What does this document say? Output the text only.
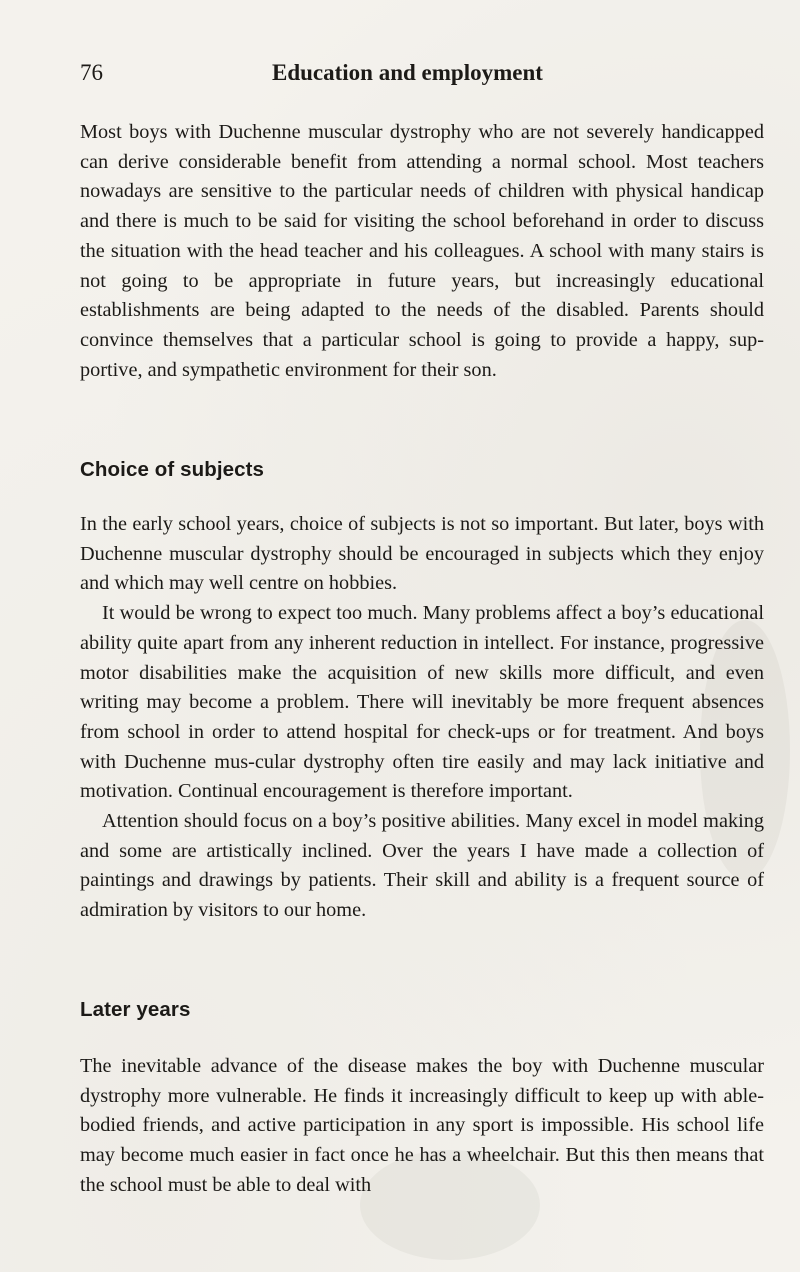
76	Education and employment

Most boys with Duchenne muscular dystrophy who are not severely handicapped can derive considerable benefit from attending a normal school. Most teachers nowadays are sensitive to the particular needs of children with physical handicap and there is much to be said for visiting the school beforehand in order to discuss the situation with the head teacher and his colleagues. A school with many stairs is not going to be appropriate in future years, but increasingly educational establishments are being adapted to the needs of the disabled. Parents should convince themselves that a particular school is going to provide a happy, sup-portive, and sympathetic environment for their son.

Choice of subjects

In the early school years, choice of subjects is not so important. But later, boys with Duchenne muscular dystrophy should be encouraged in subjects which they enjoy and which may well centre on hobbies.

It would be wrong to expect too much. Many problems affect a boy’s educational ability quite apart from any inherent reduction in intellect. For instance, progressive motor disabilities make the acquisition of new skills more difficult, and even writing may become a problem. There will inevitably be more frequent absences from school in order to attend hospital for check-ups or for treatment. And boys with Duchenne mus-cular dystrophy often tire easily and may lack initiative and motivation. Continual encouragement is therefore important.

Attention should focus on a boy’s positive abilities. Many excel in model making and some are artistically inclined. Over the years I have made a collection of paintings and drawings by patients. Their skill and ability is a frequent source of admiration by visitors to our home.

Later years

The inevitable advance of the disease makes the boy with Duchenne muscular dystrophy more vulnerable. He finds it increasingly difficult to keep up with able-bodied friends, and active participation in any sport is impossible. His school life may become much easier in fact once he has a wheelchair. But this then means that the school must be able to deal with
